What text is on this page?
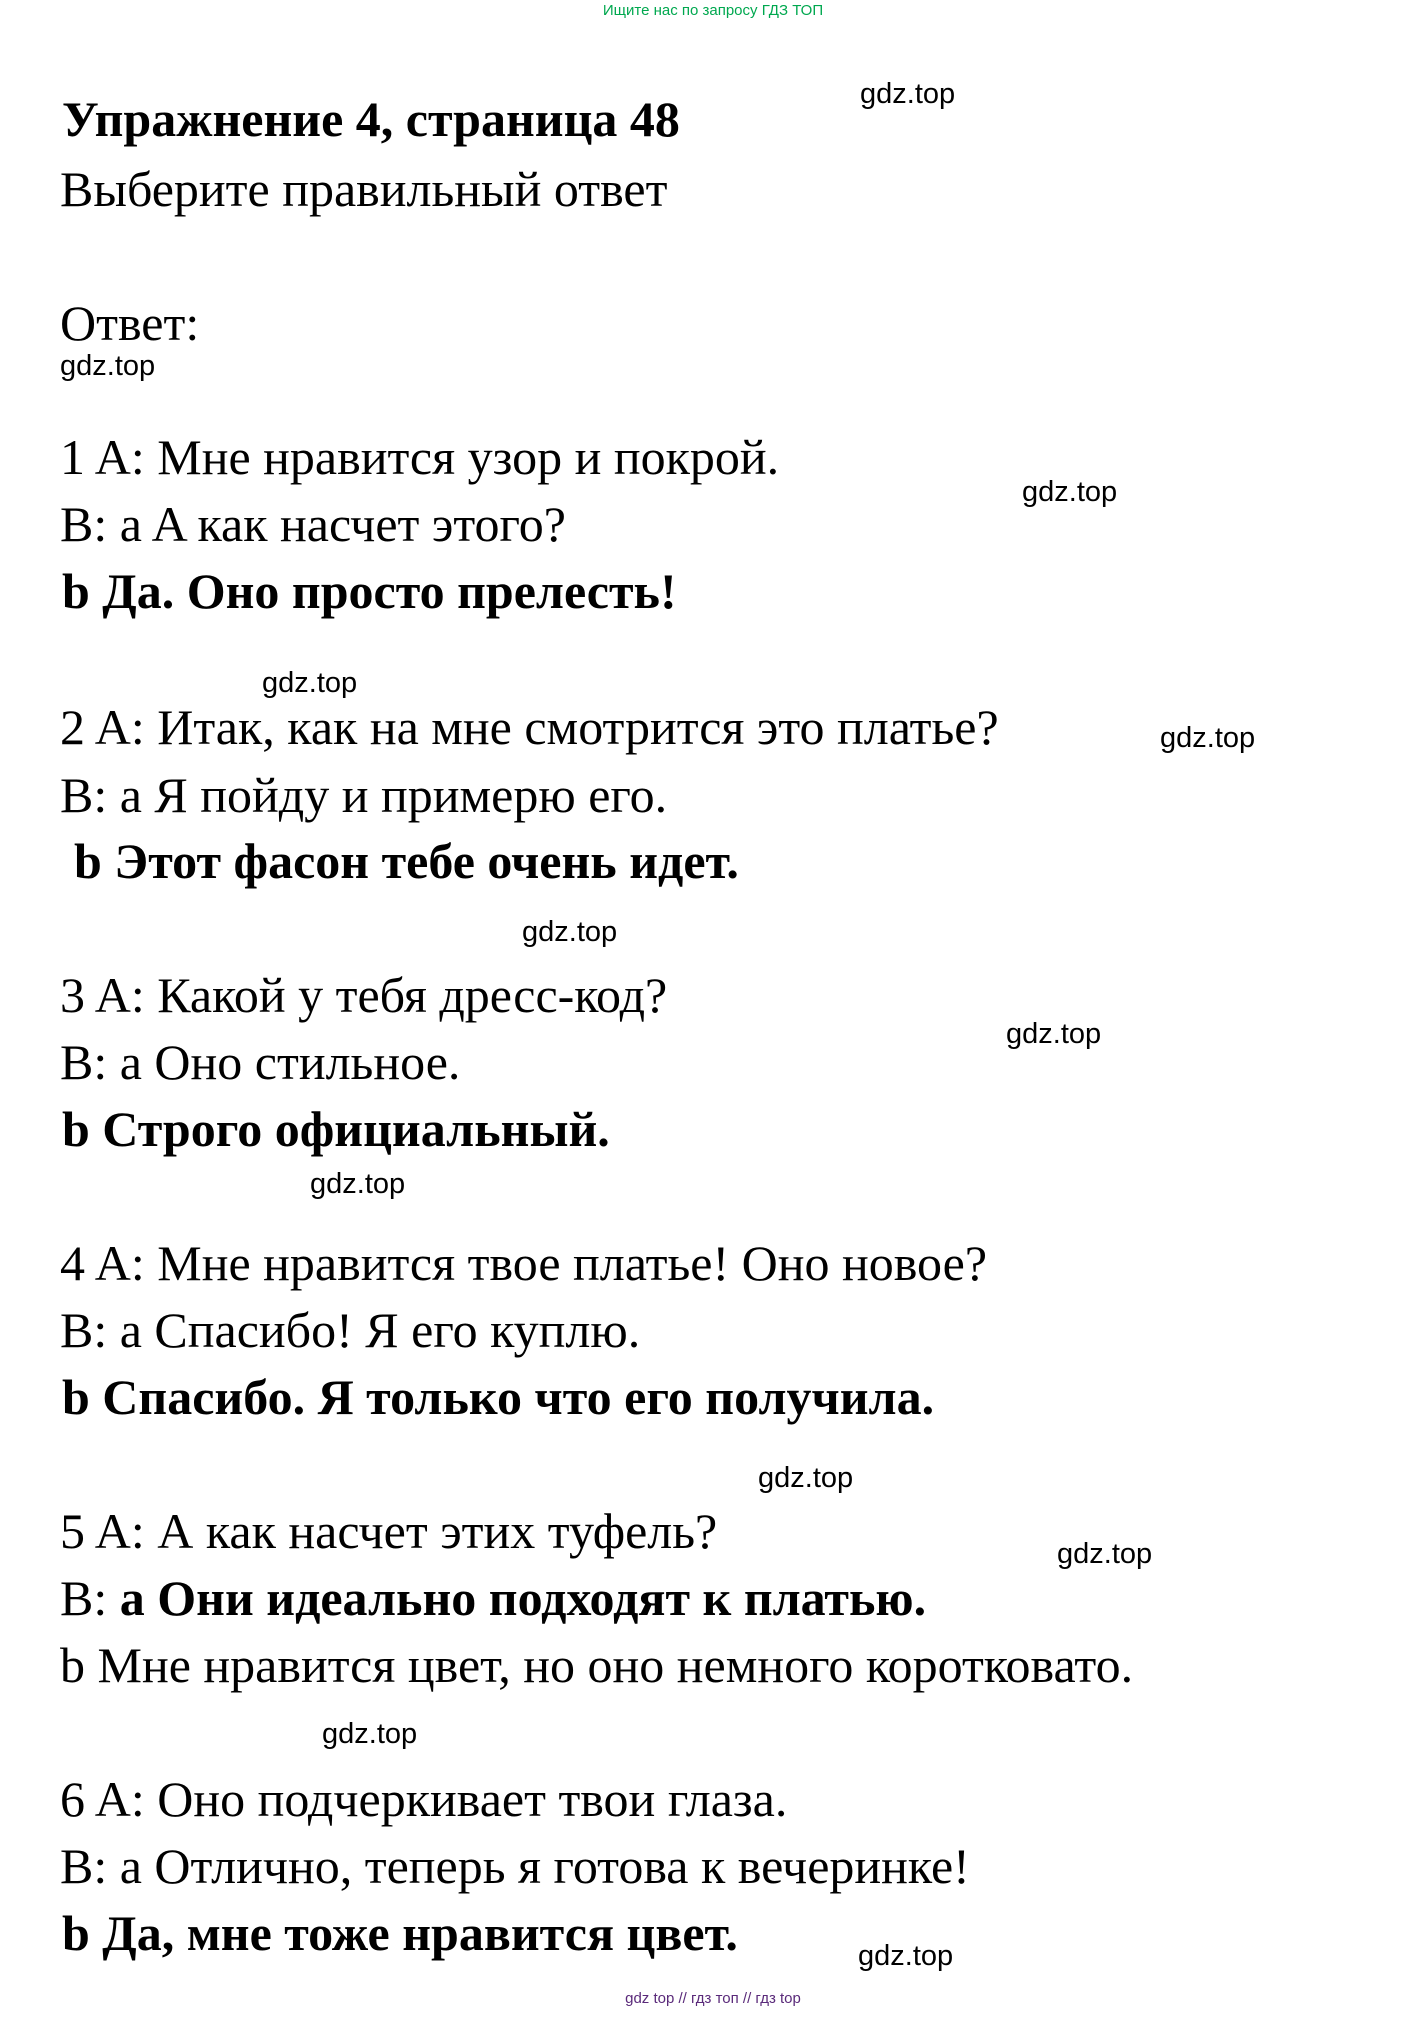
Ищите нас по запросу ГДЗ ТОП
Упражнение 4, страница 48	gdz.top
Выберите правильный ответ
Ответ:
gdz.top
1 A: Мне нравится узор и покрой.
gdz.top
B: a A как насчет этого?
b Да. Оно просто прелесть!
gdz.top
2 A: Итак, как на мне смотрится это платье?	gdz.top
B: a Я пойду и примерю его.
b Этот фасон тебе очень идет.
gdz.top
3 A: Какой у тебя дресс-код?
gdz.top
B: a Оно стильное.
b Строго официальный.
gdz.top
4 A: Мне нравится твое платье! Оно новое?
B: a Спасибо! Я его куплю.
b Спасибо. Я только что его получила.
gdz.top
5 A: А как насчет этих туфель?	gdz.top
B: a Они идеально подходят к платью.
b Мне нравится цвет, но оно немного коротковато.
gdz.top
6 A: Оно подчеркивает твои глаза.
B: a Отлично, теперь я готова к вечеринке!
b Да, мне тоже нравится цвет.	gdz.top
gdz top // гдз топ // гдз top
